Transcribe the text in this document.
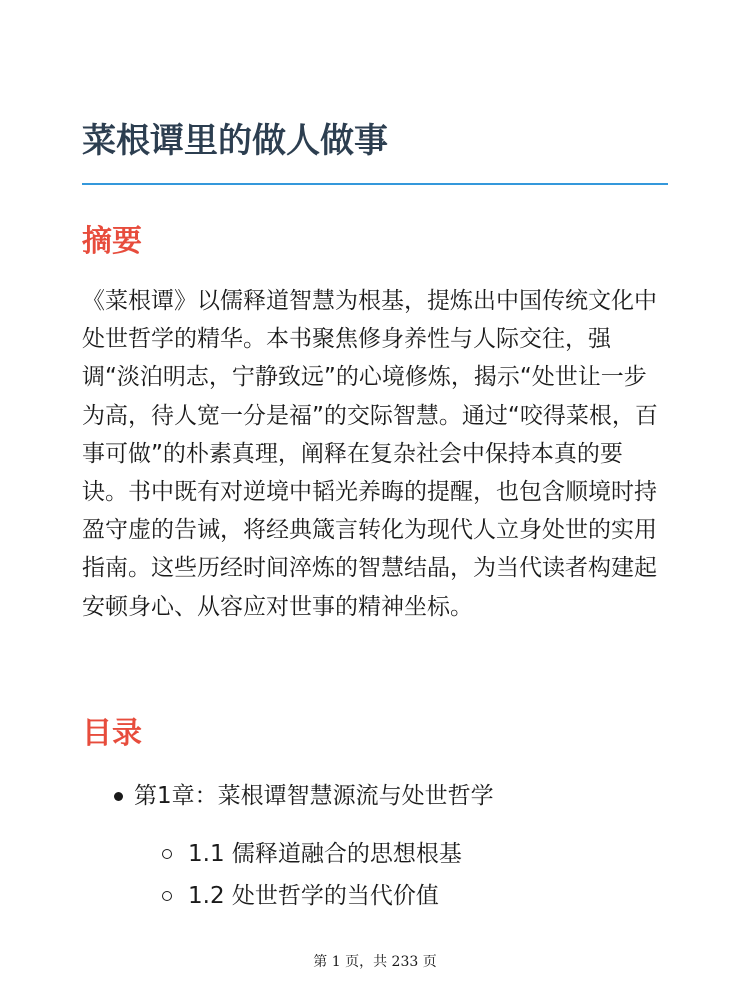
菜根谭里的做人做事
摘要

《菜根谭》以儒释道智慧为根基，提炼出中国传统文化中处世哲学的精华。本书聚焦修身养性与人际交往，强调“淡泊明志，宁静致远”的心境修炼，揭示“处世让一步为高，待人宽一分是福”的交际智慧。通过“咬得菜根，百事可做”的朴素真理，阐释在复杂社会中保持本真的要诀。书中既有对逆境中韬光养晦的提醒，也包含顺境时持盈守虚的告诫，将经典箴言转化为现代人立身处世的实用指南。这些历经时间淬炼的智慧结晶，为当代读者构建起安顿身心、从容应对世事的精神坐标。

目录
第1章：菜根谭智慧源流与处世哲学
1.1 儒释道融合的思想根基
1.2 处世哲学的当代价值
第 1 页，共 233 页
